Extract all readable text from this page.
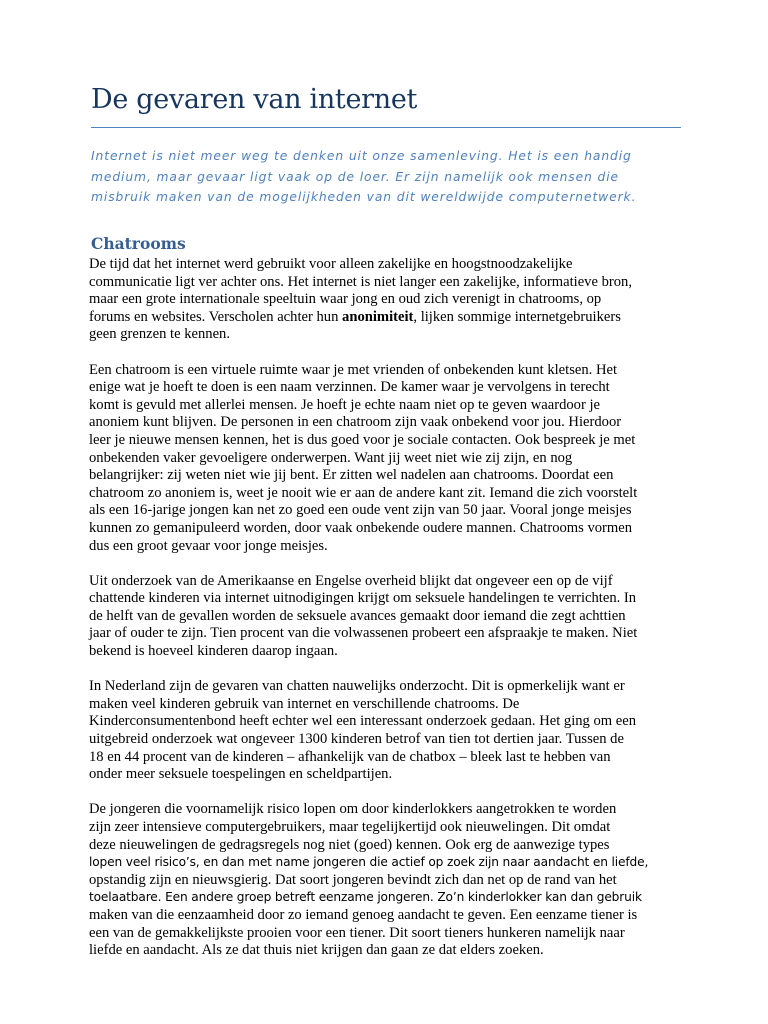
De gevaren van internet

Internet is niet meer weg te denken uit onze samenleving. Het is een handig medium, maar gevaar ligt vaak op de loer. Er zijn namelijk ook mensen die misbruik maken van de mogelijkheden van dit wereldwijde computernetwerk.

Chatrooms

De tijd dat het internet werd gebruikt voor alleen zakelijke en hoogstnoodzakelijke
communicatie ligt ver achter ons. Het internet is niet langer een zakelijke, informatieve bron,
maar een grote internationale speeltuin waar jong en oud zich verenigt in chatrooms, op
forums en websites. Verscholen achter hun anonimiteit, lijken sommige internetgebruikers
geen grenzen te kennen.

Een chatroom is een virtuele ruimte waar je met vrienden of onbekenden kunt kletsen. Het
enige wat je hoeft te doen is een naam verzinnen. De kamer waar je vervolgens in terecht
komt is gevuld met allerlei mensen. Je hoeft je echte naam niet op te geven waardoor je
anoniem kunt blijven. De personen in een chatroom zijn vaak onbekend voor jou. Hierdoor
leer je nieuwe mensen kennen, het is dus goed voor je sociale contacten. Ook bespreek je met
onbekenden vaker gevoeligere onderwerpen. Want jij weet niet wie zij zijn, en nog
belangrijker: zij weten niet wie jij bent. Er zitten wel nadelen aan chatrooms. Doordat een
chatroom zo anoniem is, weet je nooit wie er aan de andere kant zit. Iemand die zich voorstelt
als een 16-jarige jongen kan net zo goed een oude vent zijn van 50 jaar. Vooral jonge meisjes
kunnen zo gemanipuleerd worden, door vaak onbekende oudere mannen. Chatrooms vormen
dus een groot gevaar voor jonge meisjes.

Uit onderzoek van de Amerikaanse en Engelse overheid blijkt dat ongeveer een op de vijf
chattende kinderen via internet uitnodigingen krijgt om seksuele handelingen te verrichten. In
de helft van de gevallen worden de seksuele avances gemaakt door iemand die zegt achttien
jaar of ouder te zijn. Tien procent van die volwassenen probeert een afspraakje te maken. Niet
bekend is hoeveel kinderen daarop ingaan.

In Nederland zijn de gevaren van chatten nauwelijks onderzocht. Dit is opmerkelijk want er
maken veel kinderen gebruik van internet en verschillende chatrooms. De
Kinderconsumentenbond heeft echter wel een interessant onderzoek gedaan. Het ging om een
uitgebreid onderzoek wat ongeveer 1300 kinderen betrof van tien tot dertien jaar. Tussen de
18 en 44 procent van de kinderen – afhankelijk van de chatbox – bleek last te hebben van
onder meer seksuele toespelingen en scheldpartijen.

De jongeren die voornamelijk risico lopen om door kinderlokkers aangetrokken te worden
zijn zeer intensieve computergebruikers, maar tegelijkertijd ook nieuwelingen. Dit omdat
deze nieuwelingen de gedragsregels nog niet (goed) kennen. Ook erg de aanwezige types
lopen veel risico’s, en dan met name jongeren die actief op zoek zijn naar aandacht en liefde,
opstandig zijn en nieuwsgierig. Dat soort jongeren bevindt zich dan net op de rand van het
toelaatbare. Een andere groep betreft eenzame jongeren. Zo’n kinderlokker kan dan gebruik
maken van die eenzaamheid door zo iemand genoeg aandacht te geven. Een eenzame tiener is
een van de gemakkelijkste prooien voor een tiener. Dit soort tieners hunkeren namelijk naar
liefde en aandacht. Als ze dat thuis niet krijgen dan gaan ze dat elders zoeken.
